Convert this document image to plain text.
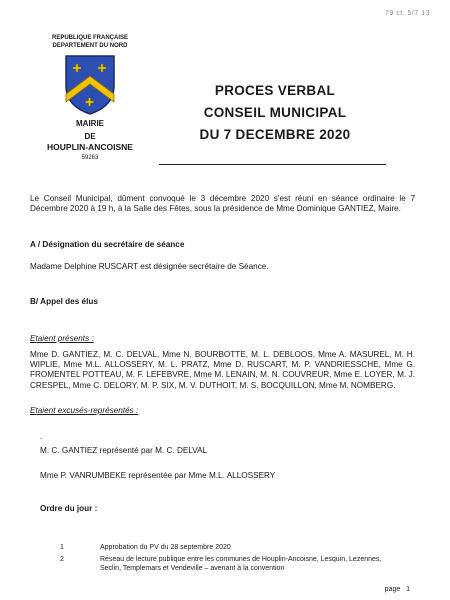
79 ct. 5/7 13
REPUBLIQUE FRANÇAISE
DEPARTEMENT DU NORD
MAIRIE
DE
HOUPLIN-ANCOISNE
59263
PROCES VERBAL
CONSEIL MUNICIPAL
DU 7 DECEMBRE 2020
Le Conseil Municipal, dûment convoqué le 3 décembre 2020 s'est réuni en séance ordinaire le 7 Décembre 2020 à 19 h, à la Salle des Fêtes, sous la présidence de Mme Dominique GANTIEZ, Maire.
A / Désignation du secrétaire de séance
Madame Delphine RUSCART est désignée secrétaire de Séance.
B/ Appel des élus
Etaient présents :
Mme D. GANTIEZ, M. C. DELVAL, Mme N. BOURBOTTE, M. L. DEBLOOS, Mme A. MASUREL, M. H. WIPLIE, Mme M.L. ALLOSSERY, M. L. PRATZ, Mme D. RUSCART, M. P. VANDRIESSCHE, Mme G. FROMENTEL POTTEAU, M. F. LEFEBVRE, Mme M. LENAIN, M. N. COUVREUR, Mme E. LOYER, M. J. CRESPEL, Mme C. DELORY, M. P. SIX, M. V. DUTHOIT, M. S. BOCQUILLON, Mme M. NOMBERG.
Etaient excusés-représentés :
.
M. C. GANTIEZ représenté par M. C. DELVAL
Mme P. VANRUMBEKE représentée par Mme M.L. ALLOSSERY
Ordre du jour :
1	Approbation du PV du 28 septembre 2020
2	Réseau de lecture publique entre les communes de Houplin-Ancoisne, Lesquin, Lezennes, Seclin, Templemars et Vendeville – avenant à la convention
page 1
